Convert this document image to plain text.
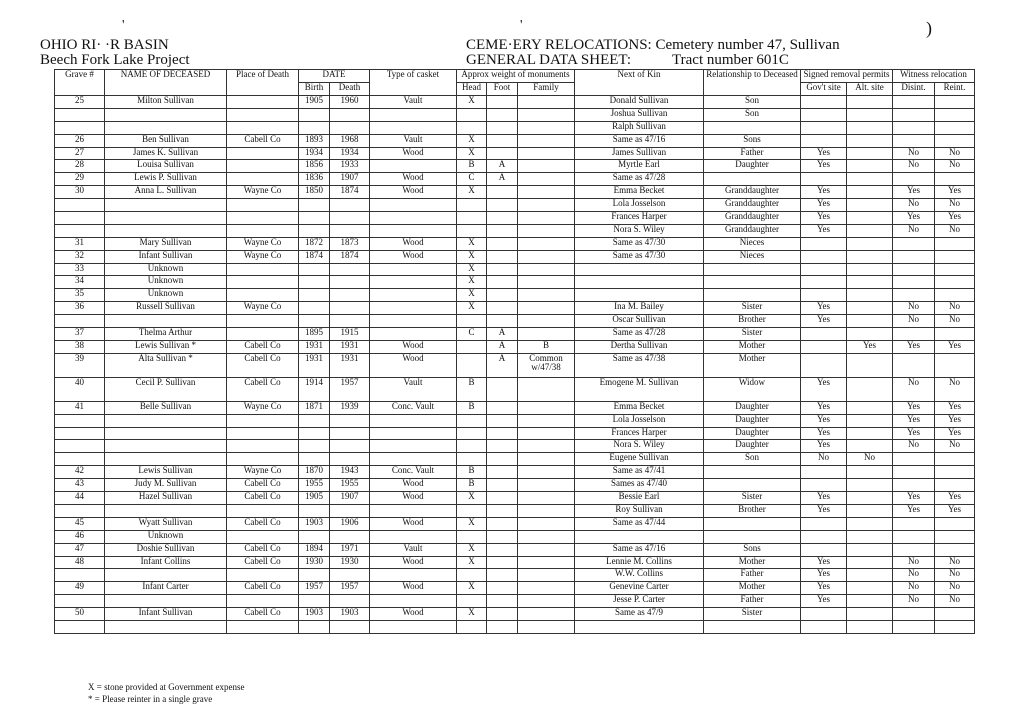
OHIO RI· ·R BASIN
Beech Fork Lake Project
CEME·ERY RELOCATIONS: Cemetery number 47, Sullivan
GENERAL DATA SHEET:	Tract number 601C
'	'	)
Grave #	NAME OF DECEASED	Place of Death	DATE		Type of casket	Approx weight of monuments			Next of Kin	Relationship to Deceased	Signed removal permits		Witness relocation	
			Birth	Death		Head	Foot	Family			Gov't site	Alt. site	Disint.	Reint.
25	Milton Sullivan		1905	1960	Vault	X			Donald Sullivan	Son				
									Joshua Sullivan	Son				
									Ralph Sullivan					
26	Ben Sullivan	Cabell Co	1893	1968	Vault	X			Same as 47/16	Sons				
27	James K. Sullivan		1934	1934	Wood	X			James Sullivan	Father	Yes		No	No
28	Louisa Sullivan		1856	1933		B	A		Myrtle Earl	Daughter	Yes		No	No
29	Lewis P. Sullivan		1836	1907	Wood	C	A		Same as 47/28					
30	Anna L. Sullivan	Wayne Co	1850	1874	Wood	X			Emma Becket	Granddaughter	Yes		Yes	Yes
									Lola Josselson	Granddaughter	Yes		No	No
									Frances Harper	Granddaughter	Yes		Yes	Yes
									Nora S. Wiley	Granddaughter	Yes		No	No
31	Mary Sullivan	Wayne Co	1872	1873	Wood	X			Same as 47/30	Nieces				
32	Infant Sullivan	Wayne Co	1874	1874	Wood	X			Same as 47/30	Nieces				
33	Unknown					X								
34	Unknown					X								
35	Unknown					X								
36	Russell Sullivan	Wayne Co				X			Ina M. Bailey	Sister	Yes		No	No
									Oscar Sullivan	Brother	Yes		No	No
37	Thelma Arthur		1895	1915		C	A		Same as 47/28	Sister				
38	Lewis Sullivan *	Cabell Co	1931	1931	Wood		A	B	Dertha Sullivan	Mother		Yes	Yes	Yes
39	Alta Sullivan *	Cabell Co	1931	1931	Wood		A	Common w/47/38	Same as 47/38	Mother				
40	Cecil P. Sullivan	Cabell Co	1914	1957	Vault	B			Emogene M. Sullivan	Widow	Yes		No	No
41	Belle Sullivan	Wayne Co	1871	1939	Conc. Vault	B			Emma Becket	Daughter	Yes		Yes	Yes
									Lola Josselson	Daughter	Yes		Yes	Yes
									Frances Harper	Daughter	Yes		Yes	Yes
									Nora S. Wiley	Daughter	Yes		No	No
									Eugene Sullivan	Son	No	No		
42	Lewis Sullivan	Wayne Co	1870	1943	Conc. Vault	B			Same as 47/41					
43	Judy M. Sullivan	Cabell Co	1955	1955	Wood	B			Sames as 47/40					
44	Hazel Sullivan	Cabell Co	1905	1907	Wood	X			Bessie Earl	Sister	Yes		Yes	Yes
									Roy Sullivan	Brother	Yes		Yes	Yes
45	Wyatt Sullivan	Cabell Co	1903	1906	Wood	X			Same as 47/44					
46	Unknown													
47	Doshie Sullivan	Cabell Co	1894	1971	Vault	X			Same as 47/16	Sons				
48	Infant Collins	Cabell Co	1930	1930	Wood	X			Lennie M. Collins	Mother	Yes		No	No
									W.W. Collins	Father	Yes		No	No
49	Infant Carter	Cabell Co	1957	1957	Wood	X			Genevine Carter	Mother	Yes		No	No
									Jesse P. Carter	Father	Yes		No	No
50	Infant Sullivan	Cabell Co	1903	1903	Wood	X			Same as 47/9	Sister				

X = stone provided at Government expense
* = Please reinter in a single grave
